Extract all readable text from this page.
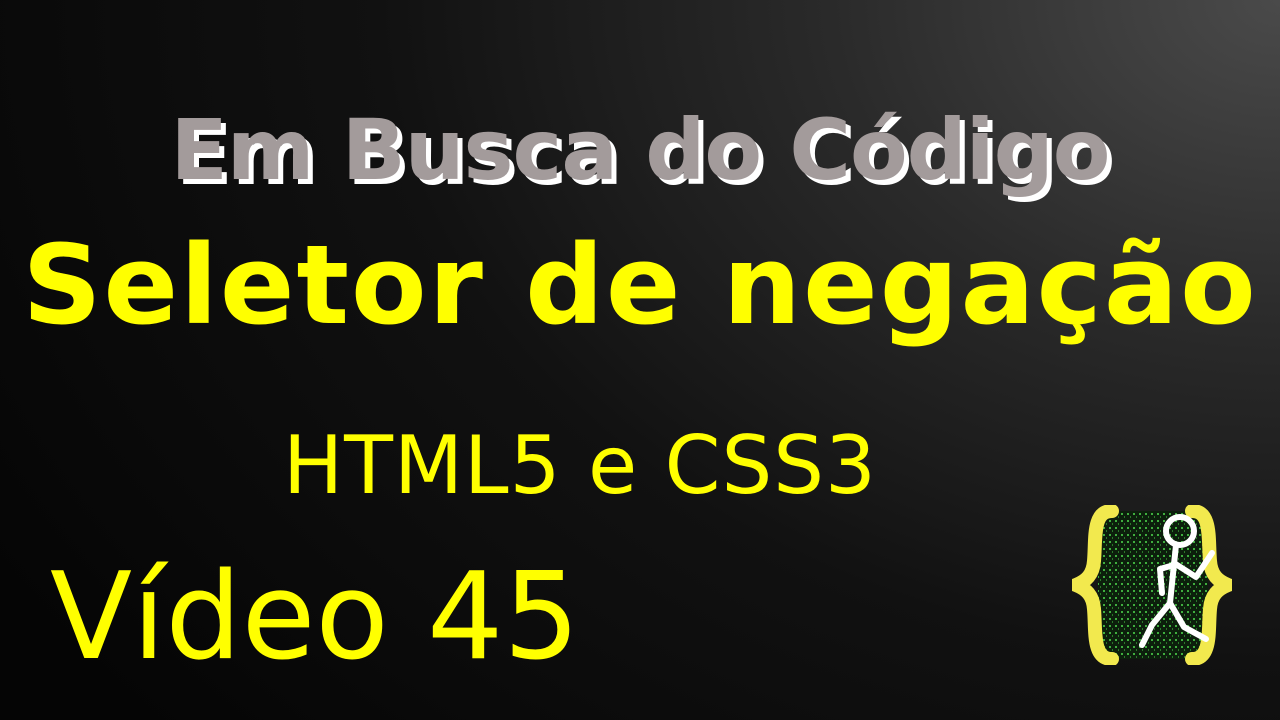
Em Busca do Código
Seletor de negação
HTML5 e CSS3
Vídeo 45
